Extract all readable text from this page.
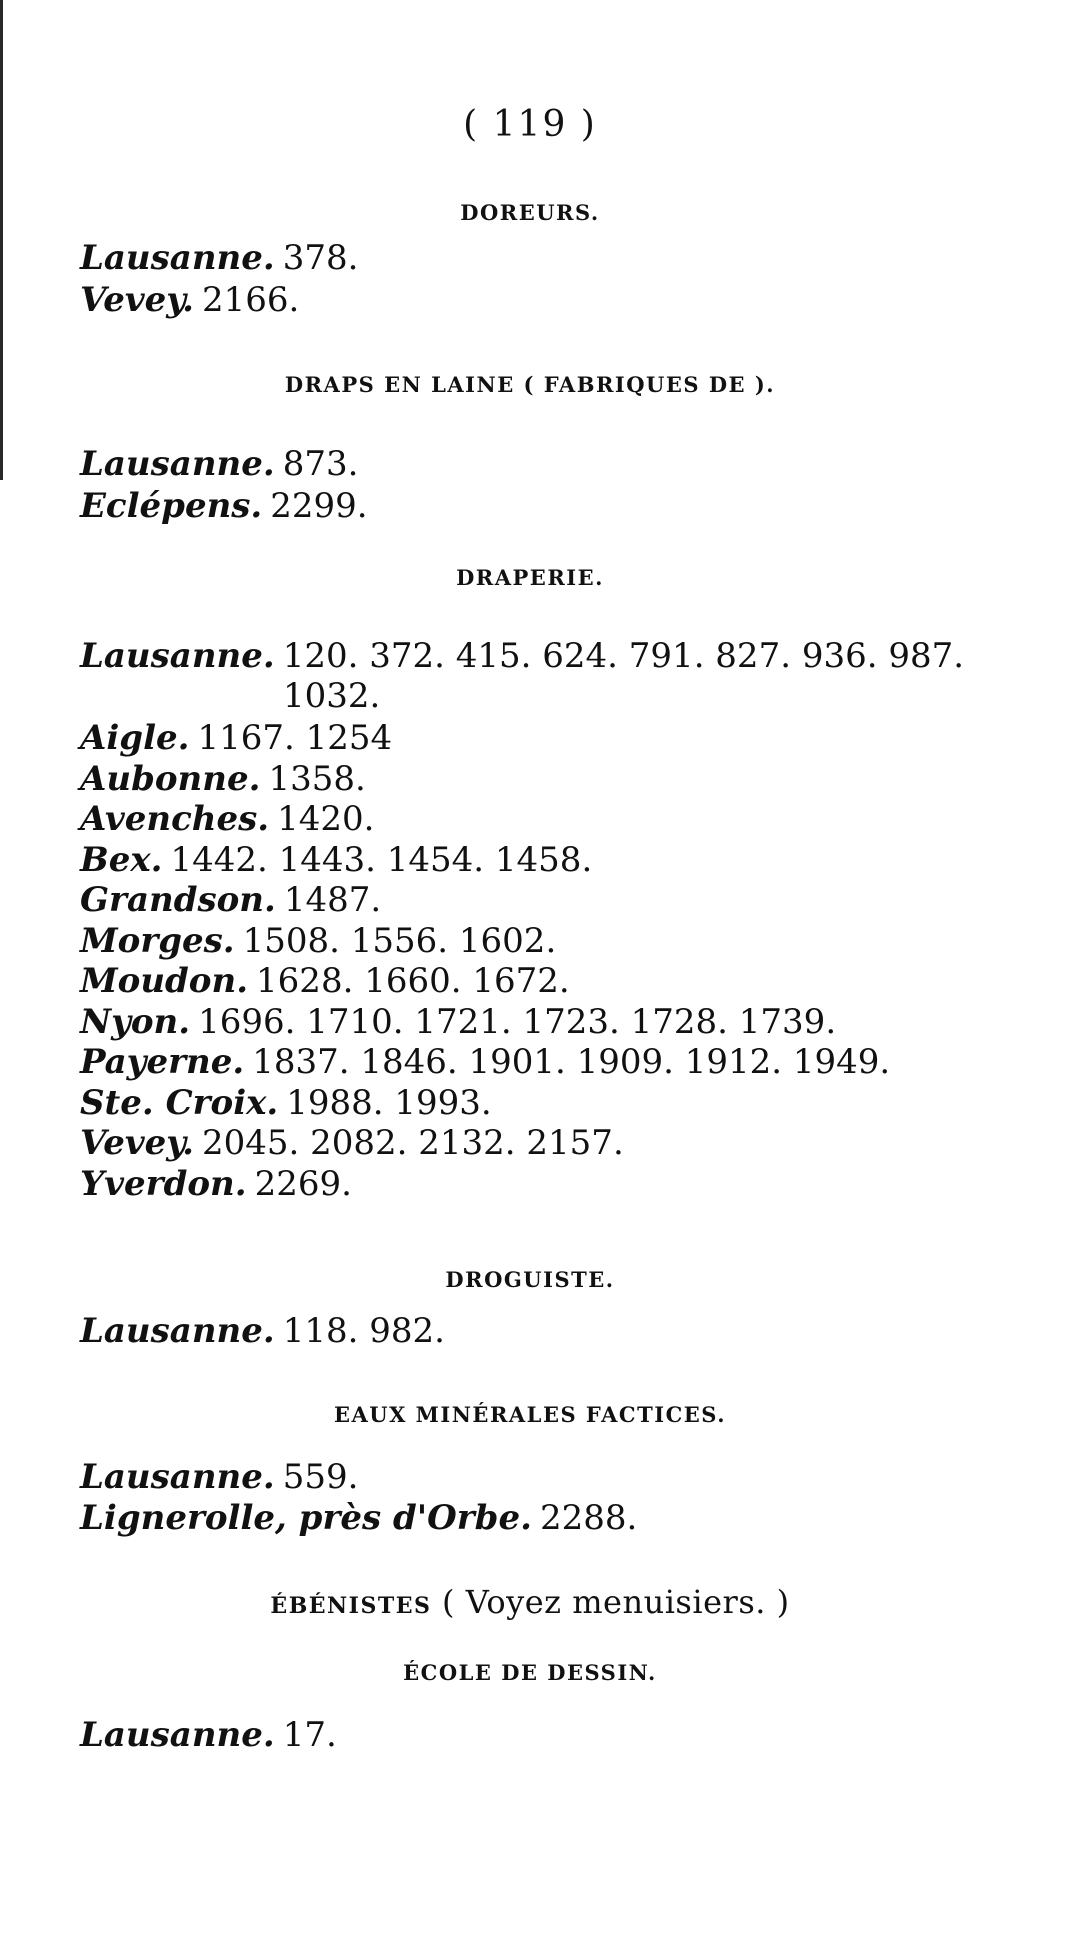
( 119 )
DOREURS.
Lausanne. 378.
Vevey. 2166.
DRAPS EN LAINE ( FABRIQUES DE ).
Lausanne. 873.
Eclépens. 2299.
DRAPERIE.
Lausanne. 120. 372. 415. 624. 791. 827. 936. 987.
1032.
Aigle. 1167. 1254
Aubonne. 1358.
Avenches. 1420.
Bex. 1442. 1443. 1454. 1458.
Grandson. 1487.
Morges. 1508. 1556. 1602.
Moudon. 1628. 1660. 1672.
Nyon. 1696. 1710. 1721. 1723. 1728. 1739.
Payerne. 1837. 1846. 1901. 1909. 1912. 1949.
Ste. Croix. 1988. 1993.
Vevey. 2045. 2082. 2132. 2157.
Yverdon. 2269.
DROGUISTE.
Lausanne. 118. 982.
EAUX MINÉRALES FACTICES.
Lausanne. 559.
Lignerolle, près d'Orbe. 2288.
ÉBÉNISTES ( Voyez menuisiers. )
ÉCOLE DE DESSIN.
Lausanne. 17.
